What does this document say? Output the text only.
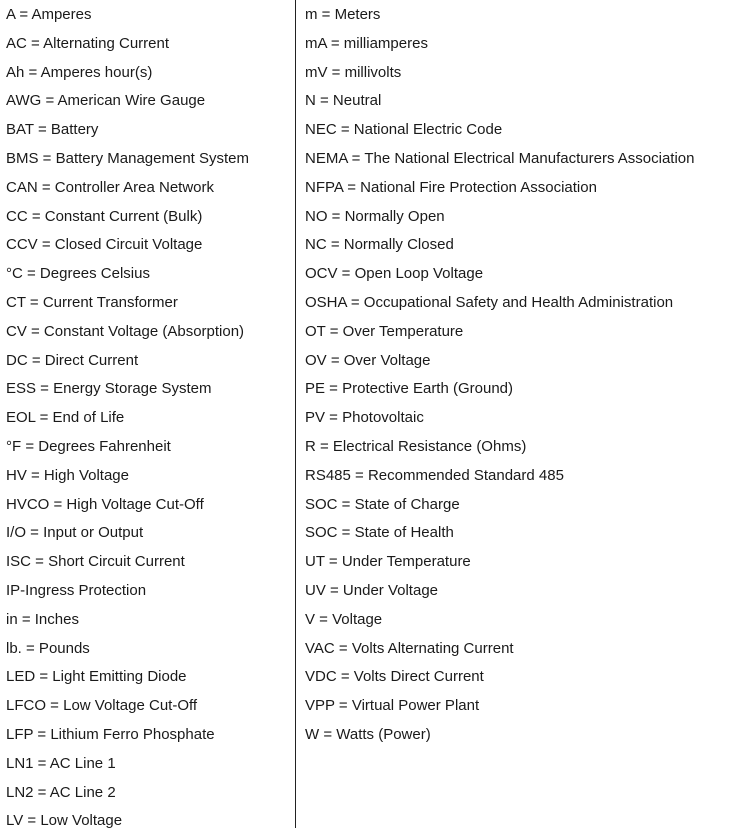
A = Amperes
AC = Alternating Current
Ah = Amperes hour(s)
AWG = American Wire Gauge
BAT = Battery
BMS = Battery Management System
CAN = Controller Area Network
CC = Constant Current (Bulk)
CCV = Closed Circuit Voltage
°C = Degrees Celsius
CT = Current Transformer
CV = Constant Voltage (Absorption)
DC = Direct Current
ESS = Energy Storage System
EOL = End of Life
°F = Degrees Fahrenheit
HV = High Voltage
HVCO = High Voltage Cut-Off
I/O = Input or Output
ISC = Short Circuit Current
IP-Ingress Protection
in = Inches
lb. = Pounds
LED = Light Emitting Diode
LFCO = Low Voltage Cut-Off
LFP = Lithium Ferro Phosphate
LN1 = AC Line 1
LN2 = AC Line 2
LV = Low Voltage
m = Meters
mA = milliamperes
mV = millivolts
N = Neutral
NEC = National Electric Code
NEMA = The National Electrical Manufacturers Association
NFPA = National Fire Protection Association
NO = Normally Open
NC = Normally Closed
OCV = Open Loop Voltage
OSHA = Occupational Safety and Health Administration
OT = Over Temperature
OV = Over Voltage
PE = Protective Earth (Ground)
PV = Photovoltaic
R = Electrical Resistance (Ohms)
RS485 = Recommended Standard 485
SOC = State of Charge
SOC = State of Health
UT = Under Temperature
UV = Under Voltage
V = Voltage
VAC = Volts Alternating Current
VDC = Volts Direct Current
VPP = Virtual Power Plant
W = Watts (Power)
